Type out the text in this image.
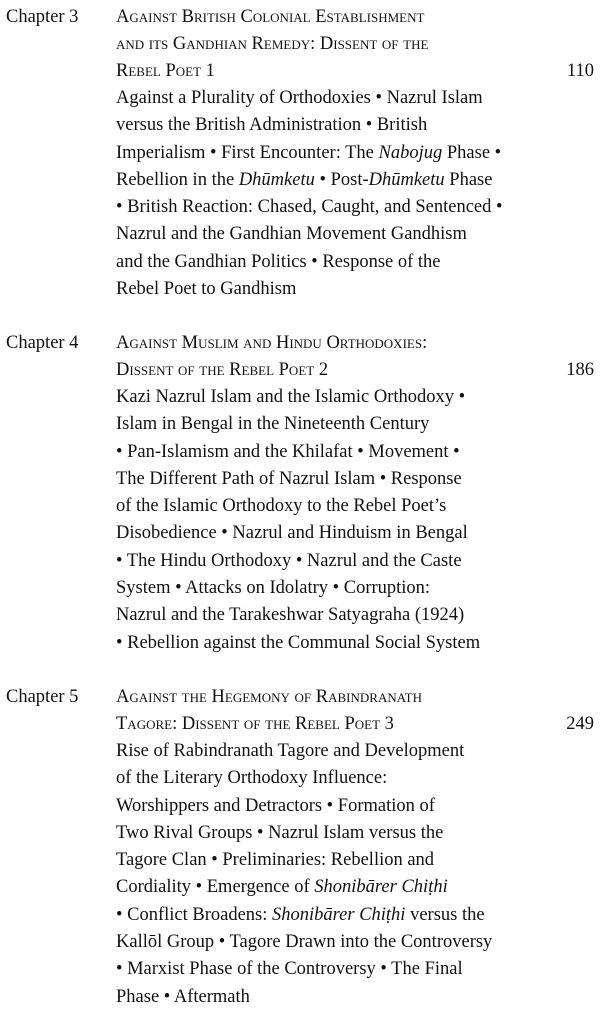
Chapter 3 Against British Colonial Establishment
and its Gandhian Remedy: Dissent of the
Rebel Poet 1	110
Against a Plurality of Orthodoxies • Nazrul Islam
versus the British Administration • British
Imperialism • First Encounter: The Nabojug Phase •
Rebellion in the Dhūmketu • Post-Dhūmketu Phase
• British Reaction: Chased, Caught, and Sentenced •
Nazrul and the Gandhian Movement Gandhism
and the Gandhian Politics • Response of the
Rebel Poet to Gandhism
Chapter 4 Against Muslim and Hindu Orthodoxies:
Dissent of the Rebel Poet 2	186
Kazi Nazrul Islam and the Islamic Orthodoxy •
Islam in Bengal in the Nineteenth Century
• Pan-Islamism and the Khilafat • Movement •
The Different Path of Nazrul Islam • Response
of the Islamic Orthodoxy to the Rebel Poet’s
Disobedience • Nazrul and Hinduism in Bengal
• The Hindu Orthodoxy • Nazrul and the Caste
System • Attacks on Idolatry • Corruption:
Nazrul and the Tarakeshwar Satyagraha (1924)
• Rebellion against the Communal Social System
Chapter 5 Against the Hegemony of Rabindranath
Tagore: Dissent of the Rebel Poet 3	249
Rise of Rabindranath Tagore and Development
of the Literary Orthodoxy Influence:
Worshippers and Detractors • Formation of
Two Rival Groups • Nazrul Islam versus the
Tagore Clan • Preliminaries: Rebellion and
Cordiality • Emergence of Shonibārer Chiṭhi
• Conflict Broadens: Shonibārer Chiṭhi versus the
Kallōl Group • Tagore Drawn into the Controversy
• Marxist Phase of the Controversy • The Final
Phase • Aftermath
